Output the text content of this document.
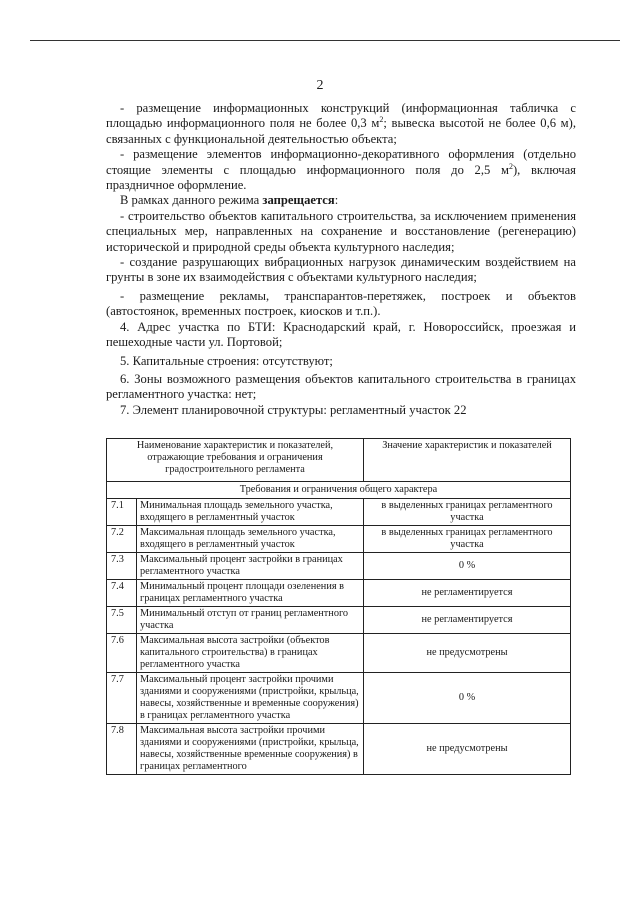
2

- размещение информационных конструкций (информационная табличка с площадью информационного поля не более 0,3 $м^2$; вывеска высотой не более 0,6 м), связанных с функциональной деятельностью объекта;

- размещение элементов информационно-декоративного оформления (отдельно стоящие элементы с площадью информационного поля до 2,5 $м^2$), включая праздничное оформление.

В рамках данного режима запрещается:

- строительство объектов капитального строительства, за исключением применения специальных мер, направленных на сохранение и восстановление (регенерацию) исторической и природной среды объекта культурного наследия;

- создание разрушающих вибрационных нагрузок динамическим воздействием на грунты в зоне их взаимодействия с объектами культурного наследия;

- размещение рекламы, транспарантов-перетяжек, построек и объектов (автостоянок, временных построек, киосков и т.п.).

4. Адрес участка по БТИ: Краснодарский край, г. Новороссийск, проезжая и пешеходные части ул. Портовой;

5. Капитальные строения: отсутствуют;

6. Зоны возможного размещения объектов капитального строительства в границах регламентного участка: нет;

7. Элемент планировочной структуры: регламентный участок 22

Наименование характеристик и показателей, отражающие требования и ограничения градостроительного регламента		Значение характеристик и показателей
Требования и ограничения общего характера		
7.1	Минимальная площадь земельного участка, входящего в регламентный участок	в выделенных границах регламентного участка
7.2	Максимальная площадь земельного участка, входящего в регламентный участок	в выделенных границах регламентного участка
7.3	Максимальный процент застройки в границах регламентного участка	0 %
7.4	Минимальный процент площади озеленения в границах регламентного участка	не регламентируется
7.5	Минимальный отступ от границ регламентного участка	не регламентируется
7.6	Максимальная высота застройки (объектов капитального строительства) в границах регламентного участка	не предусмотрены
7.7	Максимальный процент застройки прочими зданиями и сооружениями (пристройки, крыльца, навесы, хозяйственные и временные сооружения) в границах регламентного участка	0 %
7.8	Максимальная высота застройки прочими зданиями и сооружениями (пристройки, крыльца, навесы, хозяйственные временные сооружения) в границах регламентного	не предусмотрены
